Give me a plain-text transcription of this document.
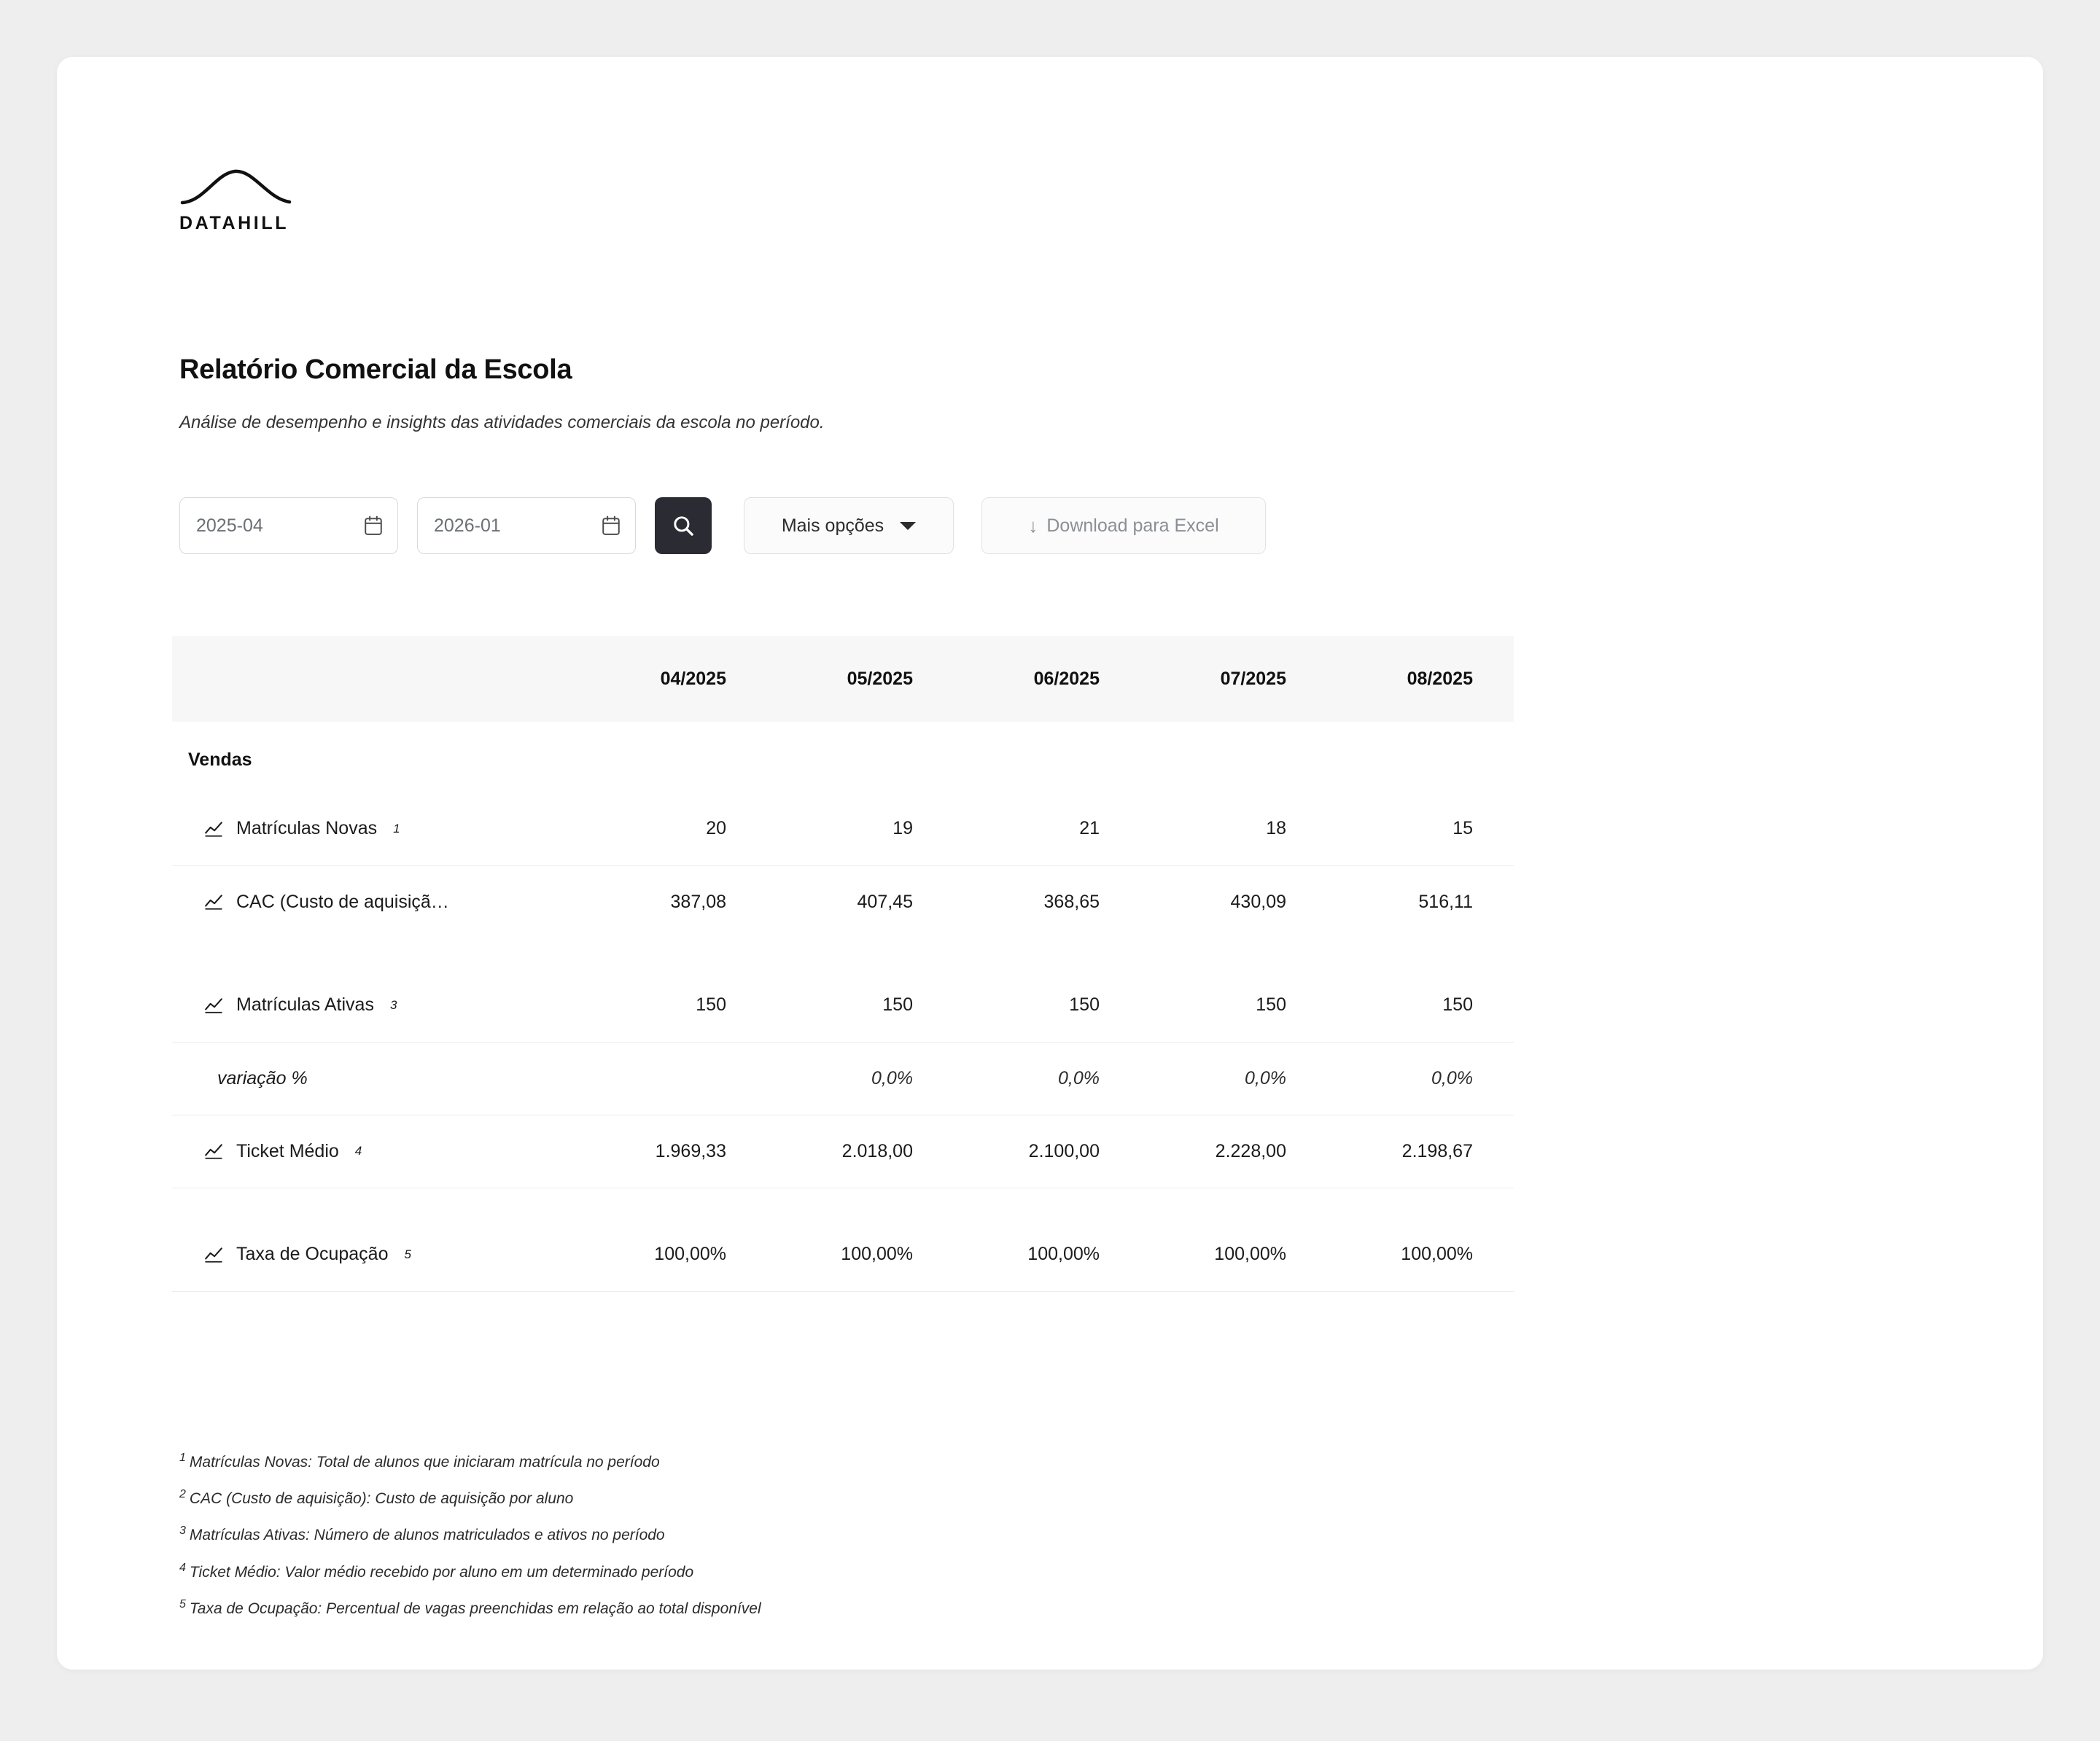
DATAHILL
Relatório Comercial da Escola
Análise de desempenho e insights das atividades comerciais da escola no período.
2025-04	2026-01	Mais opções	↓ Download para Excel
	04/2025	05/2025	06/2025	07/2025	08/2025
Vendas					

Matrículas Novas 1	20	19	21	18	15

CAC (Custo de aquisiçã…	387,08	407,45	368,65	430,09	516,11

Matrículas Ativas 3	150	150	150	150	150
variação %		0,0%	0,0%	0,0%	0,0%

Ticket Médio 4	1.969,33	2.018,00	2.100,00	2.228,00	2.198,67

Taxa de Ocupação 5	100,00%	100,00%	100,00%	100,00%	100,00%
$^1$ Matrículas Novas: Total de alunos que iniciaram matrícula no período
$^2$ CAC (Custo de aquisição): Custo de aquisição por aluno
$^3$ Matrículas Ativas: Número de alunos matriculados e ativos no período
$^4$ Ticket Médio: Valor médio recebido por aluno em um determinado período
$^5$ Taxa de Ocupação: Percentual de vagas preenchidas em relação ao total disponível
